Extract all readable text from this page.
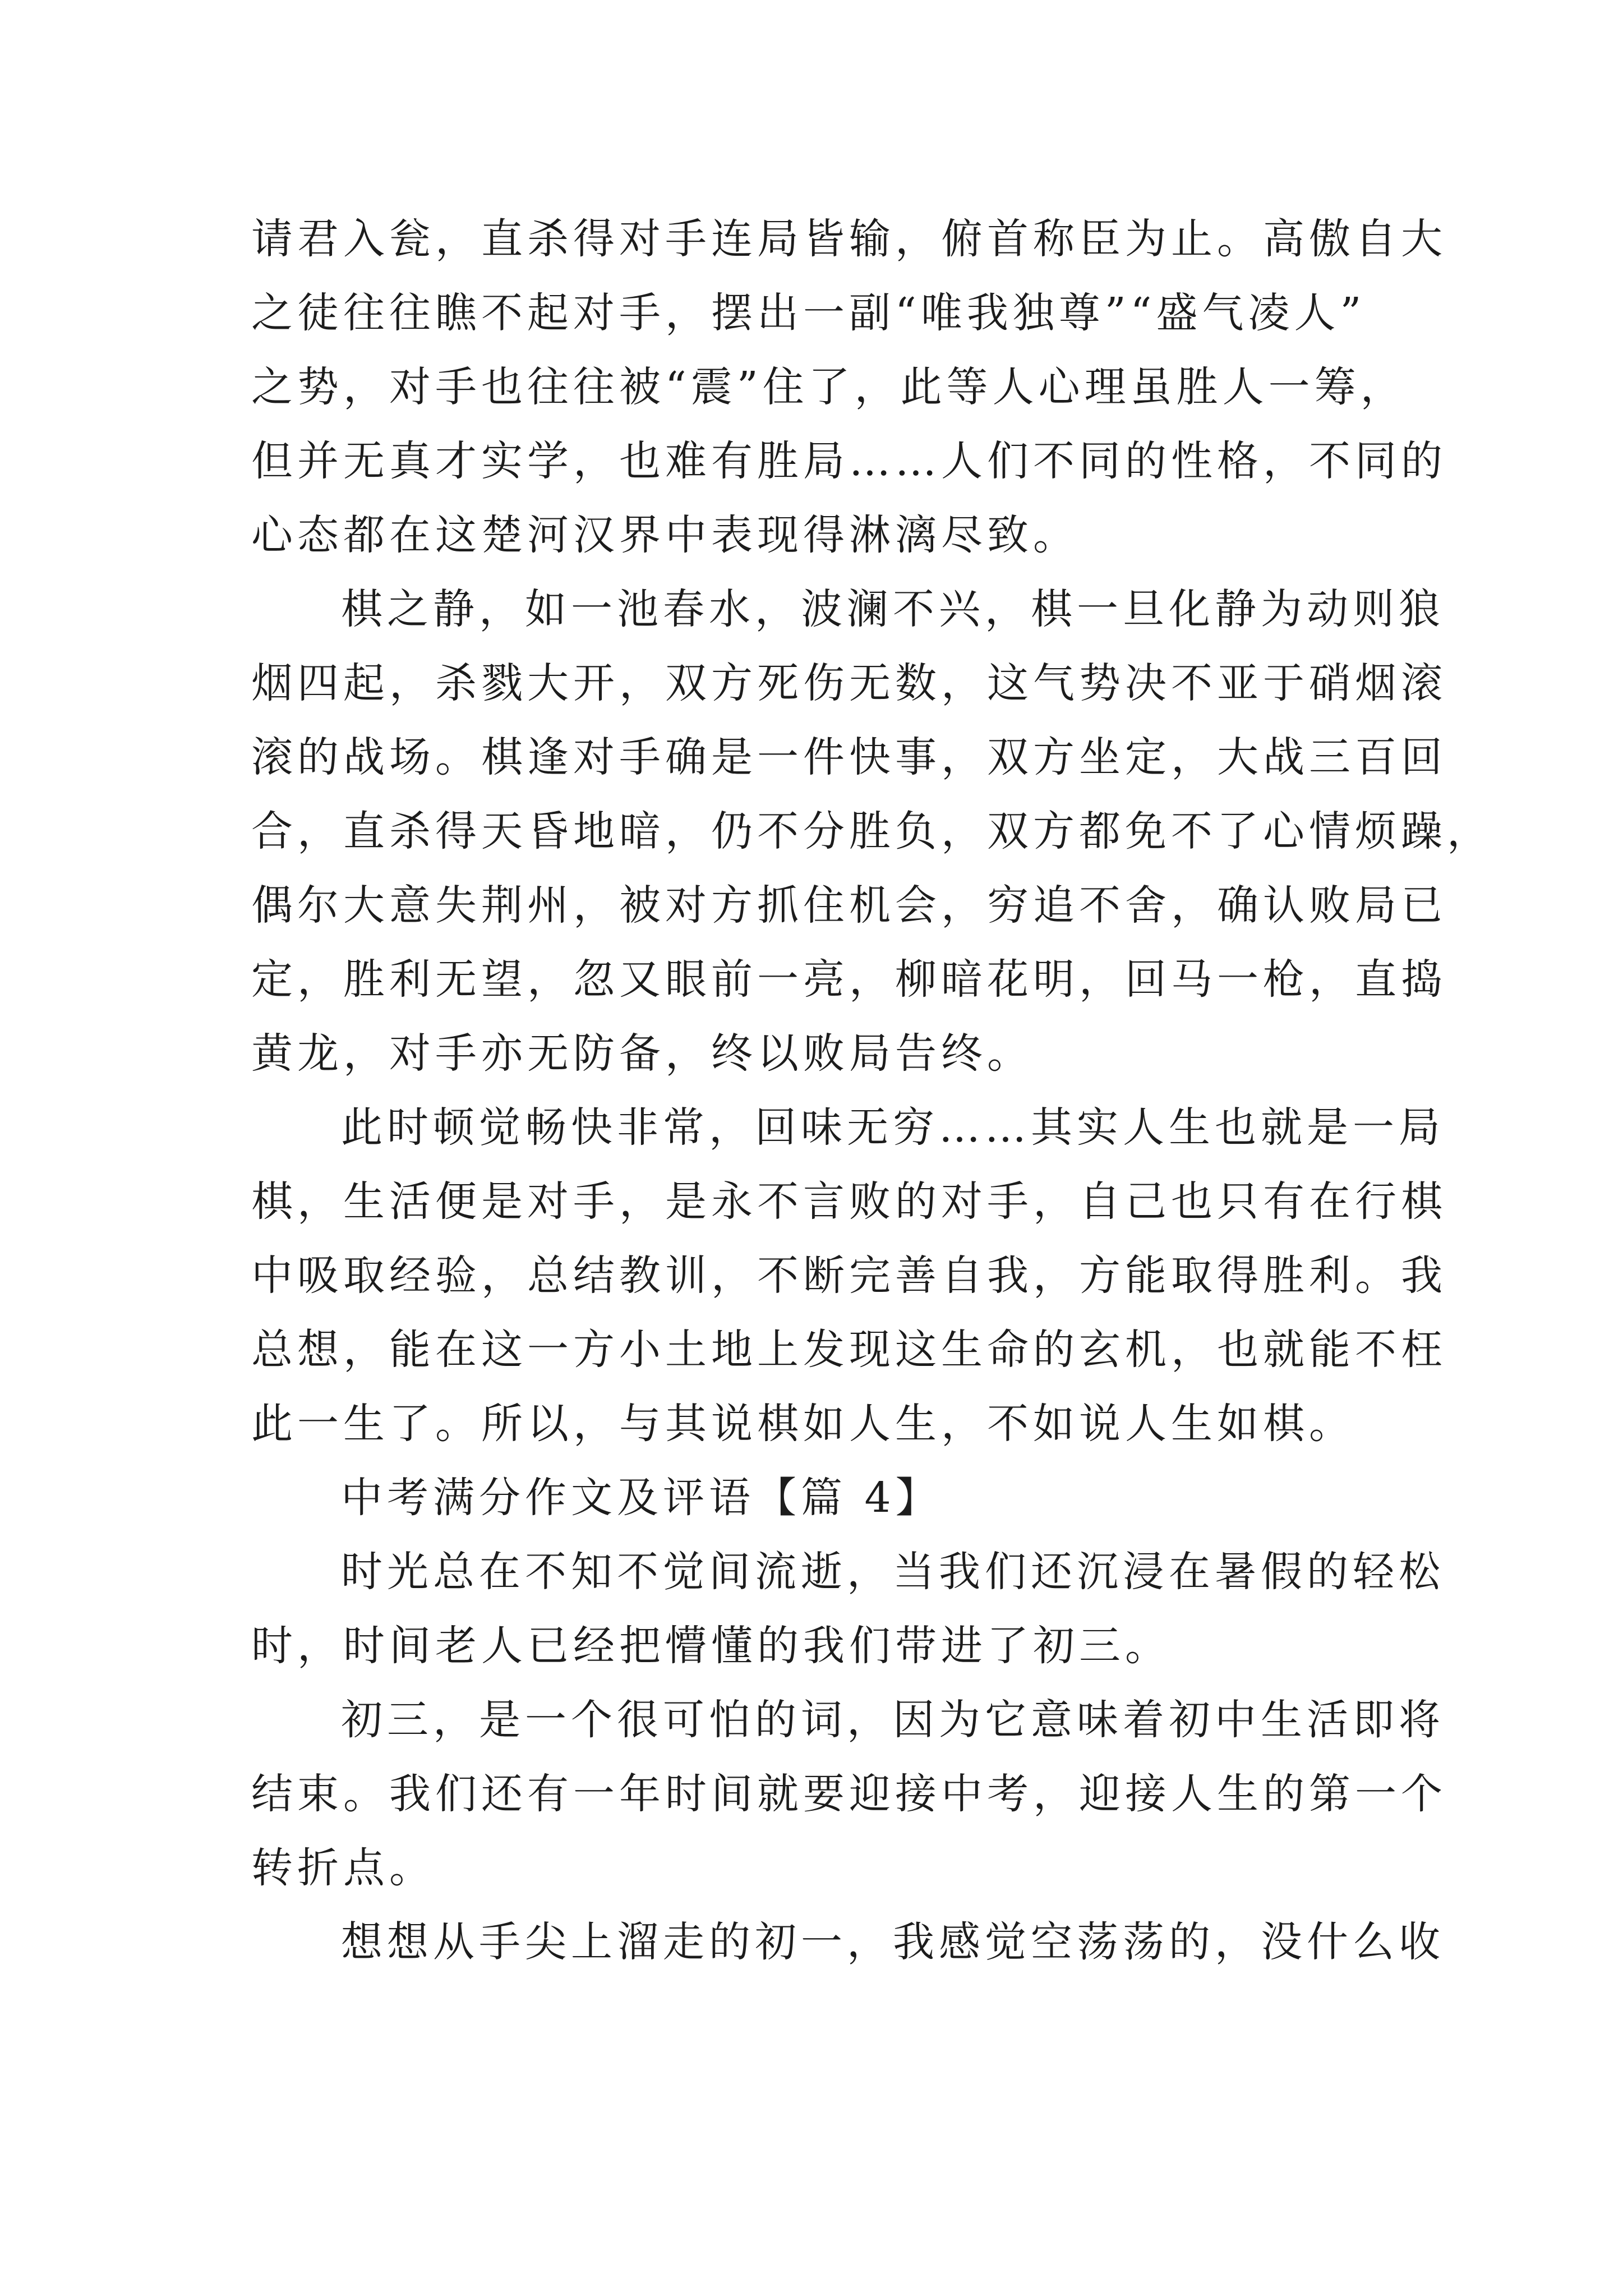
请君入瓮，直杀得对手连局皆输，俯首称臣为止。高傲自大
之徒往往瞧不起对手，摆出一副“唯我独尊”“盛气凌人”
之势，对手也往往被“震”住了，此等人心理虽胜人一筹，
但并无真才实学，也难有胜局……人们不同的性格，不同的
心态都在这楚河汉界中表现得淋漓尽致。
棋之静，如一池春水，波澜不兴，棋一旦化静为动则狼
烟四起，杀戮大开，双方死伤无数，这气势决不亚于硝烟滚
滚的战场。棋逢对手确是一件快事，双方坐定，大战三百回
合，直杀得天昏地暗，仍不分胜负，双方都免不了心情烦躁，
偶尔大意失荆州，被对方抓住机会，穷追不舍，确认败局已
定，胜利无望，忽又眼前一亮，柳暗花明，回马一枪，直捣
黄龙，对手亦无防备，终以败局告终。
此时顿觉畅快非常，回味无穷……其实人生也就是一局
棋，生活便是对手，是永不言败的对手，自己也只有在行棋
中吸取经验，总结教训，不断完善自我，方能取得胜利。我
总想，能在这一方小土地上发现这生命的玄机，也就能不枉
此一生了。所以，与其说棋如人生，不如说人生如棋。
中考满分作文及评语【篇 4】
时光总在不知不觉间流逝，当我们还沉浸在暑假的轻松
时，时间老人已经把懵懂的我们带进了初三。
初三，是一个很可怕的词，因为它意味着初中生活即将
结束。我们还有一年时间就要迎接中考，迎接人生的第一个
转折点。
想想从手尖上溜走的初一，我感觉空荡荡的，没什么收
